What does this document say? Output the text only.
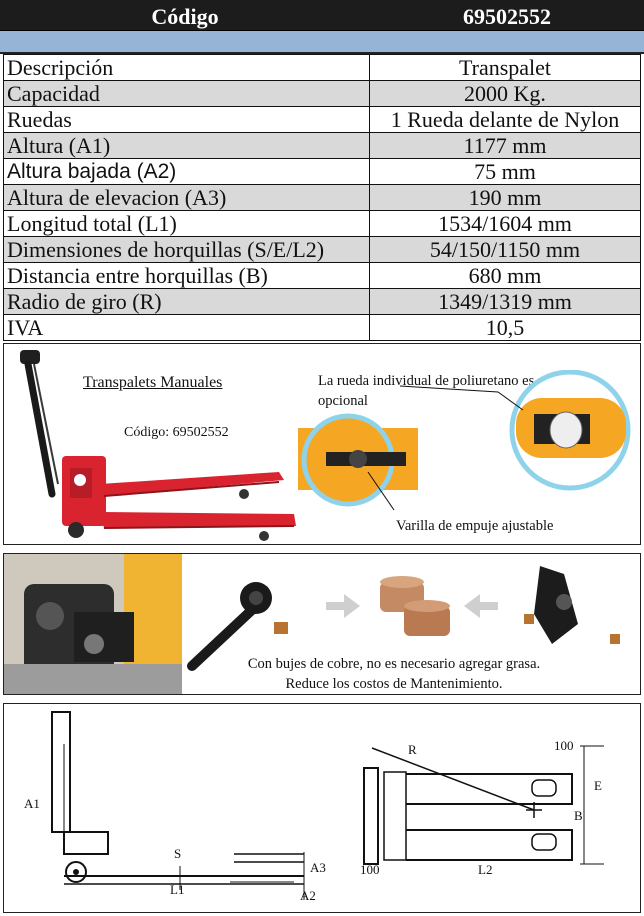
Código	69502552
Descripción	Transpalet
Capacidad	2000 Kg.
Ruedas	1 Rueda delante de Nylon
Altura (A1)	1177 mm
Altura bajada (A2)	75 mm
Altura de elevacion (A3)	190 mm
Longitud total (L1)	1534/1604 mm
Dimensiones de horquillas (S/E/L2)	54/150/1150 mm
Distancia entre horquillas (B)	680 mm
Radio de giro (R)	1349/1319 mm
IVA	10,5
Transpalets Manuales
Código: 69502552
La rueda individual de poliuretano es opcional
Varilla de empuje ajustable
Con bujes de cobre, no es necesario agregar grasa.
Reduce los costos de Mantenimiento.
A1
S
L1
A3
A2
R	100
E
B
100	L2
